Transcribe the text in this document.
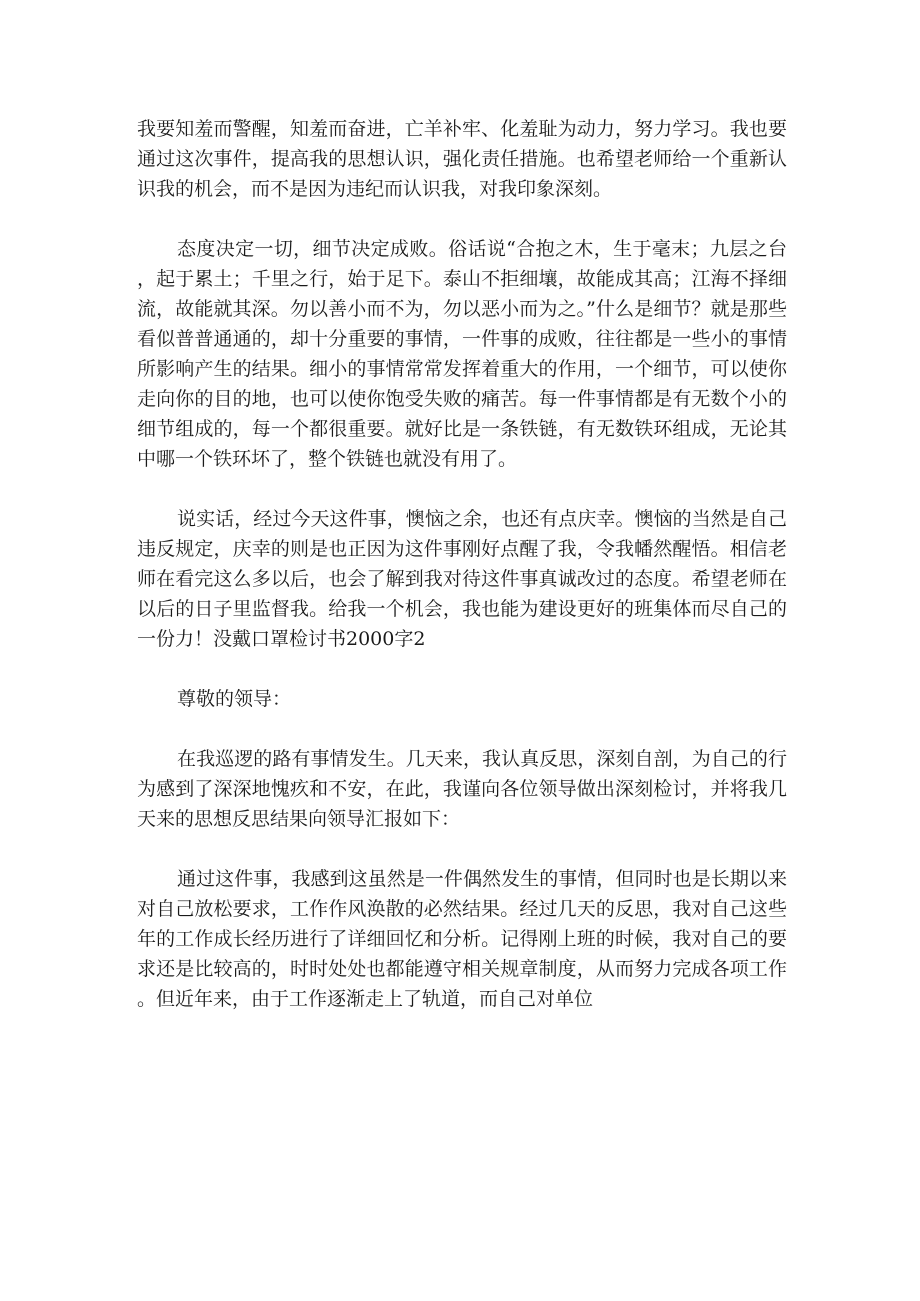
我要知羞而警醒，知羞而奋进，亡羊补牢、化羞耻为动力，努力学习。我也要通过这次事件，提高我的思想认识，强化责任措施。也希望老师给一个重新认识我的机会，而不是因为违纪而认识我，对我印象深刻。

态度决定一切，细节决定成败。俗话说“合抱之木，生于毫末；九层之台，起于累土；千里之行，始于足下。泰山不拒细壤，故能成其高；江海不择细流，故能就其深。勿以善小而不为，勿以恶小而为之。”什么是细节？就是那些看似普普通通的，却十分重要的事情，一件事的成败，往往都是一些小的事情所影响产生的结果。细小的事情常常发挥着重大的作用，一个细节，可以使你走向你的目的地，也可以使你饱受失败的痛苦。每一件事情都是有无数个小的细节组成的，每一个都很重要。就好比是一条铁链，有无数铁环组成，无论其中哪一个铁环坏了，整个铁链也就没有用了。

说实话，经过今天这件事，懊恼之余，也还有点庆幸。懊恼的当然是自己违反规定，庆幸的则是也正因为这件事刚好点醒了我，令我幡然醒悟。相信老师在看完这么多以后，也会了解到我对待这件事真诚改过的态度。希望老师在以后的日子里监督我。给我一个机会，我也能为建设更好的班集体而尽自己的一份力！没戴口罩检讨书2000字2

尊敬的领导：

在我巡逻的路有事情发生。几天来，我认真反思，深刻自剖，为自己的行为感到了深深地愧疚和不安，在此，我谨向各位领导做出深刻检讨，并将我几天来的思想反思结果向领导汇报如下：

通过这件事，我感到这虽然是一件偶然发生的事情，但同时也是长期以来对自己放松要求，工作作风涣散的必然结果。经过几天的反思，我对自己这些年的工作成长经历进行了详细回忆和分析。记得刚上班的时候，我对自己的要求还是比较高的，时时处处也都能遵守相关规章制度，从而努力完成各项工作。但近年来，由于工作逐渐走上了轨道，而自己对单位
